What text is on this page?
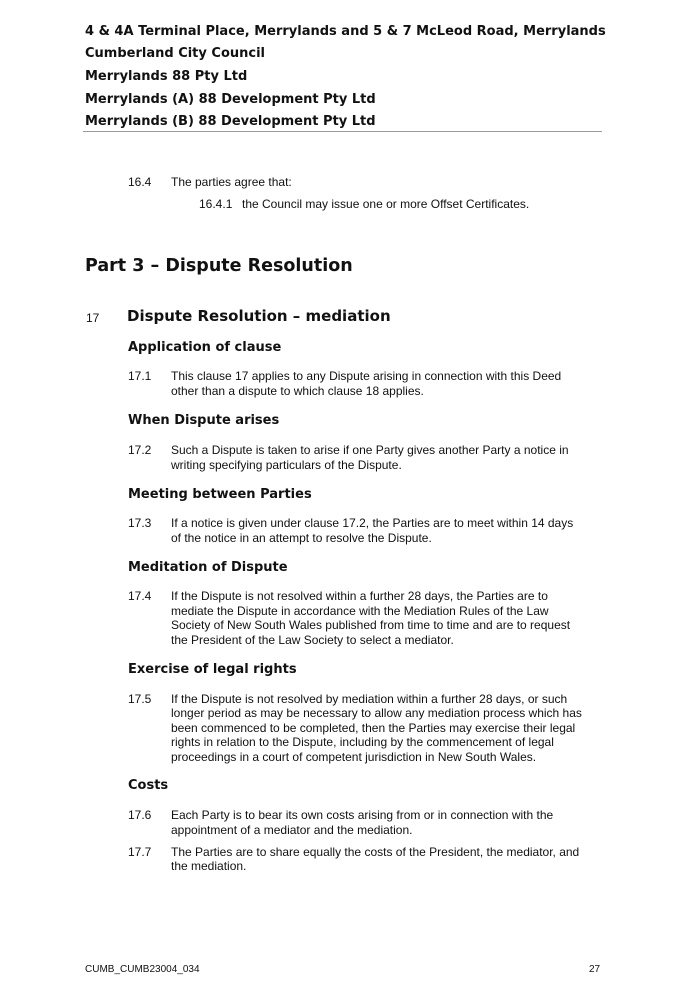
4 & 4A Terminal Place, Merrylands and 5 & 7 McLeod Road, Merrylands
Cumberland City Council
Merrylands 88 Pty Ltd
Merrylands (A) 88 Development Pty Ltd
Merrylands (B) 88 Development Pty Ltd
16.4 The parties agree that:
16.4.1 the Council may issue one or more Offset Certificates.
Part 3 – Dispute Resolution
17 Dispute Resolution – mediation
Application of clause
17.1 This clause 17 applies to any Dispute arising in connection with this Deed
other than a dispute to which clause 18 applies.
When Dispute arises
17.2 Such a Dispute is taken to arise if one Party gives another Party a notice in
writing specifying particulars of the Dispute.
Meeting between Parties
17.3 If a notice is given under clause 17.2, the Parties are to meet within 14 days
of the notice in an attempt to resolve the Dispute.
Meditation of Dispute
17.4 If the Dispute is not resolved within a further 28 days, the Parties are to
mediate the Dispute in accordance with the Mediation Rules of the Law
Society of New South Wales published from time to time and are to request
the President of the Law Society to select a mediator.
Exercise of legal rights
17.5 If the Dispute is not resolved by mediation within a further 28 days, or such
longer period as may be necessary to allow any mediation process which has
been commenced to be completed, then the Parties may exercise their legal
rights in relation to the Dispute, including by the commencement of legal
proceedings in a court of competent jurisdiction in New South Wales.
Costs
17.6 Each Party is to bear its own costs arising from or in connection with the
appointment of a mediator and the mediation.
17.7 The Parties are to share equally the costs of the President, the mediator, and
the mediation.
CUMB_CUMB23004_034	27
